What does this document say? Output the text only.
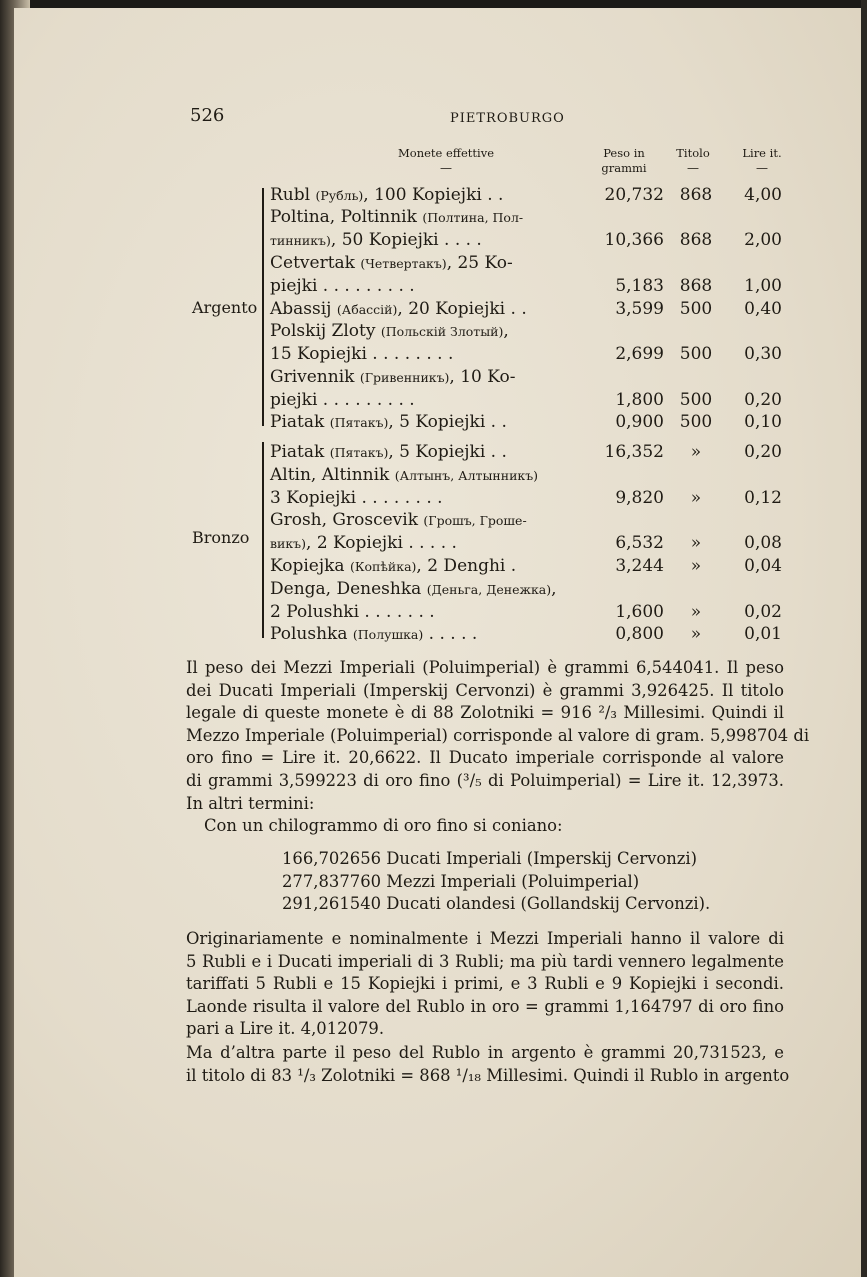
526	PIETROBURGO
Monete effettive
—
Peso in grammi
Titolo
—
Lire it.
—
Argento
Bronzo
Rubl (Рубль), 100 Kopiejki . .	20,732 868	4,00
Poltina, Poltinnik (Полтина, Пол-
тинникъ), 50 Kopiejki . . . .	10,366 868	2,00
Cetvertak (Четвертакъ), 25 Ko-
piejki . . . . . . . . .	5,183 868	1,00
Abassij (Абассій), 20 Kopiejki . .	3,599 500	0,40
Polskij Zloty (Польскій Злотый),
15 Kopiejki . . . . . . . .	2,699 500	0,30
Grivennik (Гривенникъ), 10 Ko-
piejki . . . . . . . . .	1,800 500	0,20
Piatak (Пятакъ), 5 Kopiejki . .	0,900 500	0,10
Piatak (Пятакъ), 5 Kopiejki . .	16,352	»	0,20
Altin, Altinnik (Алтынъ, Алтынникъ)
3 Kopiejki . . . . . . . .	9,820	»	0,12
Grosh, Groscevik (Грошъ, Гроше-
викъ), 2 Kopiejki . . . . .	6,532	»	0,08
Kopiejka (Копѣйка), 2 Denghi .	3,244	»	0,04
Denga, Deneshka (Деньга, Денежка),
2 Polushki . . . . . . .	1,600	»	0,02
Polushka (Полушка) . . . . .	0,800	»	0,01
Il peso dei Mezzi Imperiali (Poluimperial) è grammi 6,544041. Il peso
dei Ducati Imperiali (Imperskij Cervonzi) è grammi 3,926425. Il titolo
legale di queste monete è di 88 Zolotniki = 916 ²/₃ Millesimi. Quindi il
Mezzo Imperiale (Poluimperial) corrisponde al valore di gram. 5,998704 di
oro fino = Lire it. 20,6622. Il Ducato imperiale corrisponde al valore
di grammi 3,599223 di oro fino (³/₅ di Poluimperial) = Lire it. 12,3973.
In altri termini:
Con un chilogrammo di oro fino si coniano:
166,702656 Ducati Imperiali (Imperskij Cervonzi)
277,837760 Mezzi Imperiali (Poluimperial)
291,261540 Ducati olandesi (Gollandskij Cervonzi).
Originariamente e nominalmente i Mezzi Imperiali hanno il valore di
5 Rubli e i Ducati imperiali di 3 Rubli; ma più tardi vennero legalmente
tariffati 5 Rubli e 15 Kopiejki i primi, e 3 Rubli e 9 Kopiejki i secondi.
Laonde risulta il valore del Rublo in oro = grammi 1,164797 di oro fino
pari a Lire it. 4,012079.
Ma d’altra parte il peso del Rublo in argento è grammi 20,731523, e
il titolo di 83 ¹/₃ Zolotniki = 868 ¹/₁₈ Millesimi. Quindi il Rublo in argento
